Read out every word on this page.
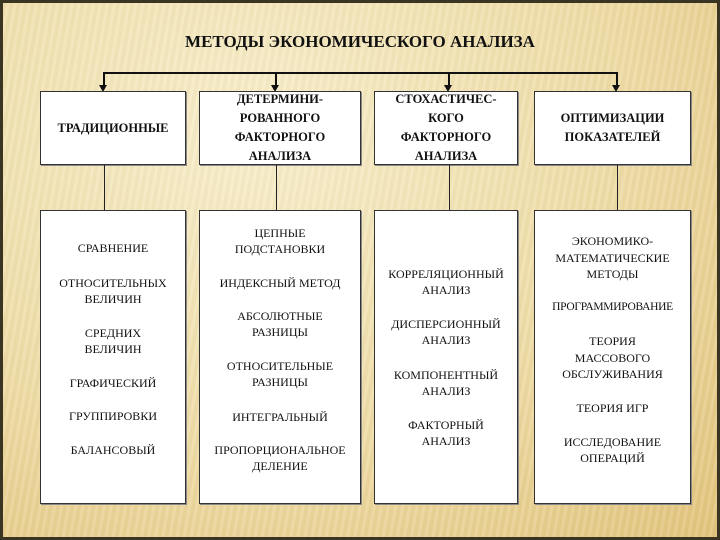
МЕТОДЫ ЭКОНОМИЧЕСКОГО АНАЛИЗА
ТРАДИЦИОННЫЕ
СРАВНЕНИЕ
ОТНОСИТЕЛЬНЫХ
ВЕЛИЧИН
СРЕДНИХ
ВЕЛИЧИН
ГРАФИЧЕСКИЙ
ГРУППИРОВКИ
БАЛАНСОВЫЙ
ДЕТЕРМИНИ-
РОВАННОГО
ФАКТОРНОГО
АНАЛИЗА
ЦЕПНЫЕ
ПОДСТАНОВКИ
ИНДЕКСНЫЙ МЕТОД
АБСОЛЮТНЫЕ
РАЗНИЦЫ
ОТНОСИТЕЛЬНЫЕ
РАЗНИЦЫ
ИНТЕГРАЛЬНЫЙ
ПРОПОРЦИОНАЛЬНОЕ
ДЕЛЕНИЕ
СТОХАСТИЧЕС-
КОГО
ФАКТОРНОГО
АНАЛИЗА
КОРРЕЛЯЦИОННЫЙ
АНАЛИЗ
ДИСПЕРСИОННЫЙ
АНАЛИЗ
КОМПОНЕНТНЫЙ
АНАЛИЗ
ФАКТОРНЫЙ
АНАЛИЗ
ОПТИМИЗАЦИИ
ПОКАЗАТЕЛЕЙ
ЭКОНОМИКО-
МАТЕМАТИЧЕСКИЕ
МЕТОДЫ
ПРОГРАММИРОВАНИЕ
ТЕОРИЯ
МАССОВОГО
ОБСЛУЖИВАНИЯ
ТЕОРИЯ ИГР
ИССЛЕДОВАНИЕ
ОПЕРАЦИЙ
